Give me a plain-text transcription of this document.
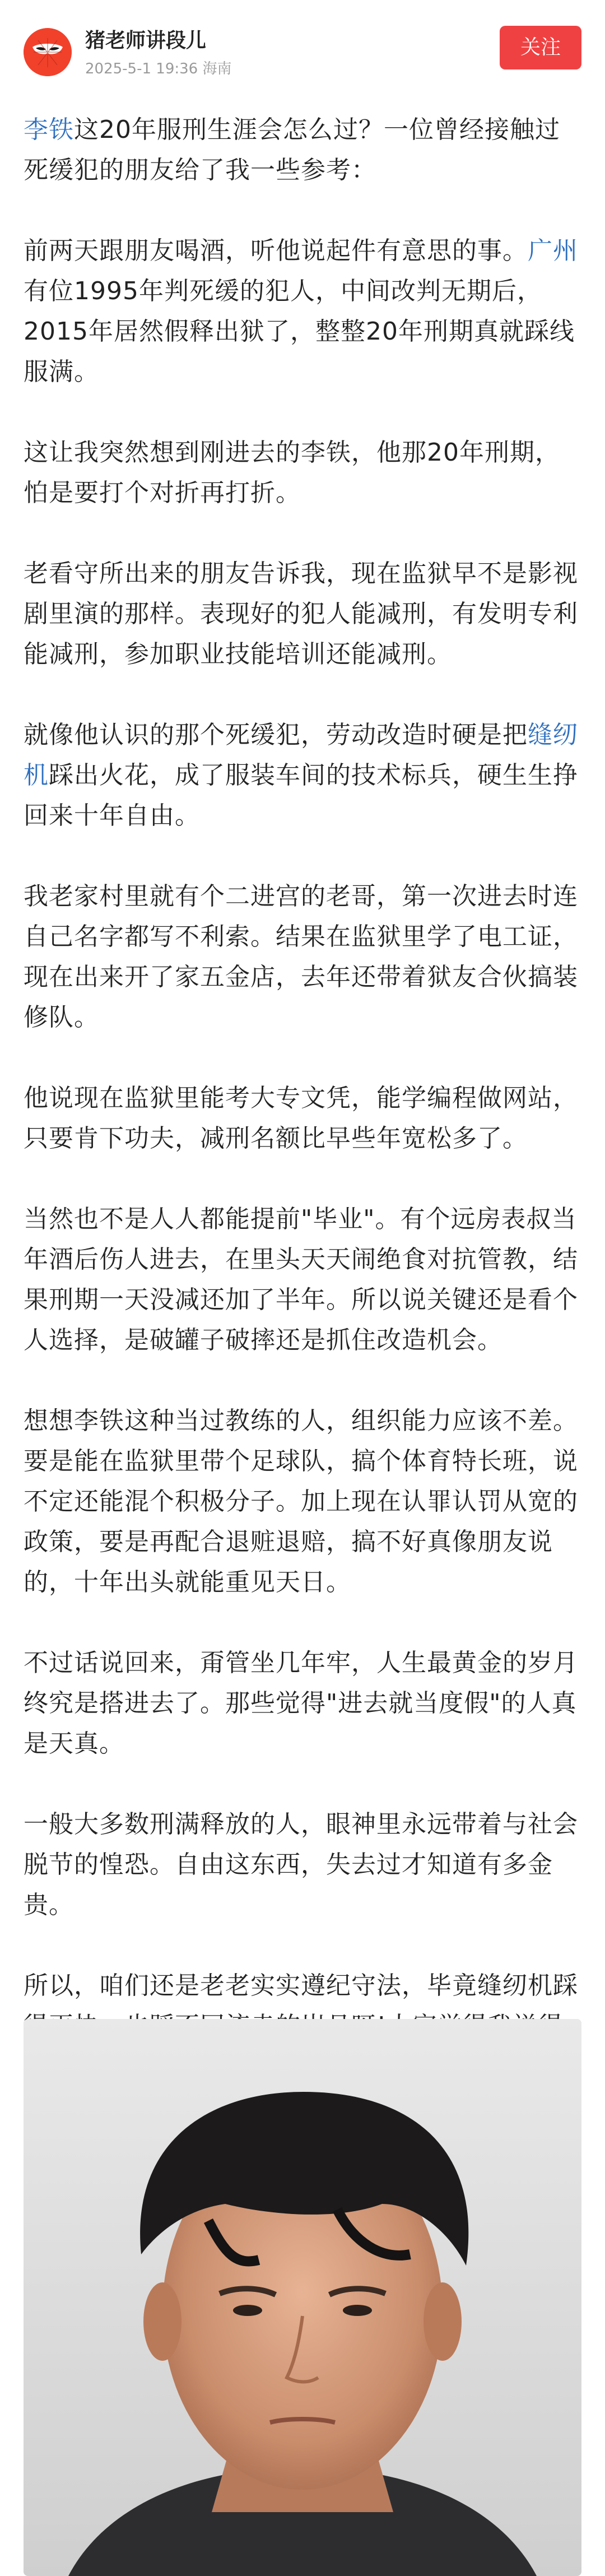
猪老师讲段儿
2025-5-1 19:36 海南
关注

李铁这20年服刑生涯会怎么过？一位曾经接触过死缓犯的朋友给了我一些参考：

前两天跟朋友喝酒，听他说起件有意思的事。广州有位1995年判死缓的犯人，中间改判无期后，2015年居然假释出狱了，整整20年刑期真就踩线服满。

这让我突然想到刚进去的李铁，他那20年刑期，怕是要打个对折再打折。

老看守所出来的朋友告诉我，现在监狱早不是影视剧里演的那样。表现好的犯人能减刑，有发明专利能减刑，参加职业技能培训还能减刑。

就像他认识的那个死缓犯，劳动改造时硬是把缝纫机踩出火花，成了服装车间的技术标兵，硬生生挣回来十年自由。

我老家村里就有个二进宫的老哥，第一次进去时连自己名字都写不利索。结果在监狱里学了电工证，现在出来开了家五金店，去年还带着狱友合伙搞装修队。

他说现在监狱里能考大专文凭，能学编程做网站，只要肯下功夫，减刑名额比早些年宽松多了。

当然也不是人人都能提前"毕业"。有个远房表叔当年酒后伤人进去，在里头天天闹绝食对抗管教，结果刑期一天没减还加了半年。所以说关键还是看个人选择，是破罐子破摔还是抓住改造机会。

想想李铁这种当过教练的人，组织能力应该不差。要是能在监狱里带个足球队，搞个体育特长班，说不定还能混个积极分子。加上现在认罪认罚从宽的政策，要是再配合退赃退赔，搞不好真像朋友说的，十年出头就能重见天日。

不过话说回来，甭管坐几年牢，人生最黄金的岁月终究是搭进去了。那些觉得"进去就当度假"的人真是天真。

一般大多数刑满释放的人，眼神里永远带着与社会脱节的惶恐。自由这东西，失去过才知道有多金贵。

所以，咱们还是老老实实遵纪守法，毕竟缝纫机踩
